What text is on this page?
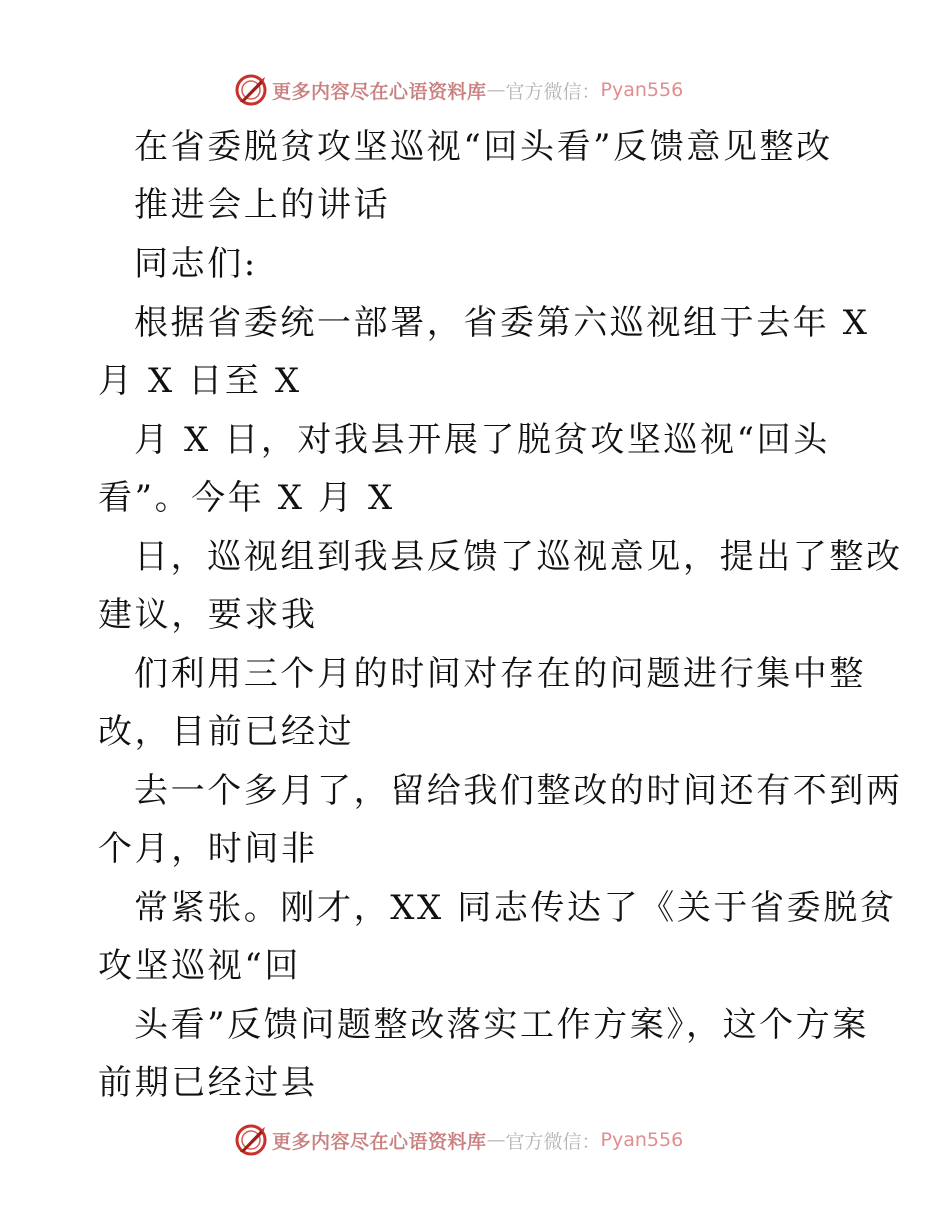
更多内容尽在心语资料库 — 官方微信： Pyan556
在省委脱贫攻坚巡视“回头看”反馈意见整改
推进会上的讲话
同志们:
根据省委统一部署，省委第六巡视组于去年 X
月 X 日至 X
月 X 日，对我县开展了脱贫攻坚巡视“回头
看”。今年 X 月 X
日，巡视组到我县反馈了巡视意见，提出了整改
建议，要求我
们利用三个月的时间对存在的问题进行集中整
改，目前已经过
去一个多月了，留给我们整改的时间还有不到两
个月，时间非
常紧张。刚才，XX 同志传达了《关于省委脱贫
攻坚巡视“回
头看”反馈问题整改落实工作方案》，这个方案
前期已经过县
更多内容尽在心语资料库 — 官方微信： Pyan556
